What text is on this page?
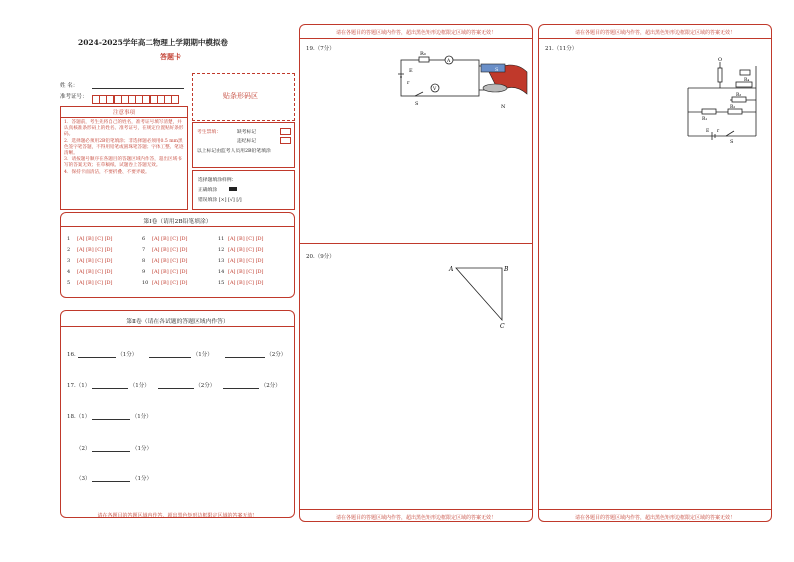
2024-2025学年高二物理上学期期中模拟卷
答题卡
姓 名：
准考证号：	贴条形码区
注意事项
1．答题前，考生先将自己的姓名，准考证号填写清楚，并认真核准条形码上的姓名、准考证号，在规定位置贴好条形码。
2．选择题必须用2B铅笔填涂；非选择题必须用0.5 mm黑色签字笔答题，不得用铅笔或圆珠笔答题；字体工整、笔迹清晰。
3．请按题号顺序在各题目的答题区域内作答，超出区域书写的答案无效；在草稿纸、试题卷上答题无效。
4．保持卡面清洁，不要折叠、不要弄破。
考生禁填：	缺考标记
违纪标记
以上标记由监考人员用2B铅笔填涂
选择题填涂样例：
正确填涂
错误填涂 [×] [√] [/]
第Ⅰ卷（请用2B铅笔填涂）
1 [A] [B] [C] [D]
2 [A] [B] [C] [D]
3 [A] [B] [C] [D]
4 [A] [B] [C] [D]
5 [A] [B] [C] [D]
6 [A] [B] [C] [D]
7 [A] [B] [C] [D]
8 [A] [B] [C] [D]
9 [A] [B] [C] [D]
10 [A] [B] [C] [D]
11 [A] [B] [C] [D]
12 [A] [B] [C] [D]
13 [A] [B] [C] [D]
14 [A] [B] [C] [D]
15 [A] [B] [C] [D]
第Ⅱ卷（请在各试题的答题区域内作答）
请在各题目的答题区域内作答，超出黑色矩形边框限定区域的答案无效！
16.	（1分）	（1分）	（2分）
17.（1）	（1分）	（2分）	（2分）
18.（1）	（1分）
（2）	（1分）
（3）	（1分）
请在各题目的答题区域内作答，超出黑色矩形边框限定区域的答案无效！
请在各题目的答题区域内作答，超出黑色矩形边框限定区域的答案无效！
19.（7分）
20.（9分）
E
r
R₀
A
V
S
S
N
A	B
C
请在各题目的答题区域内作答，超出黑色矩形边框限定区域的答案无效！
请在各题目的答题区域内作答，超出黑色矩形边框限定区域的答案无效！
21.（11分）
O
R₄
R₃
R₂
R₁
E r
S
